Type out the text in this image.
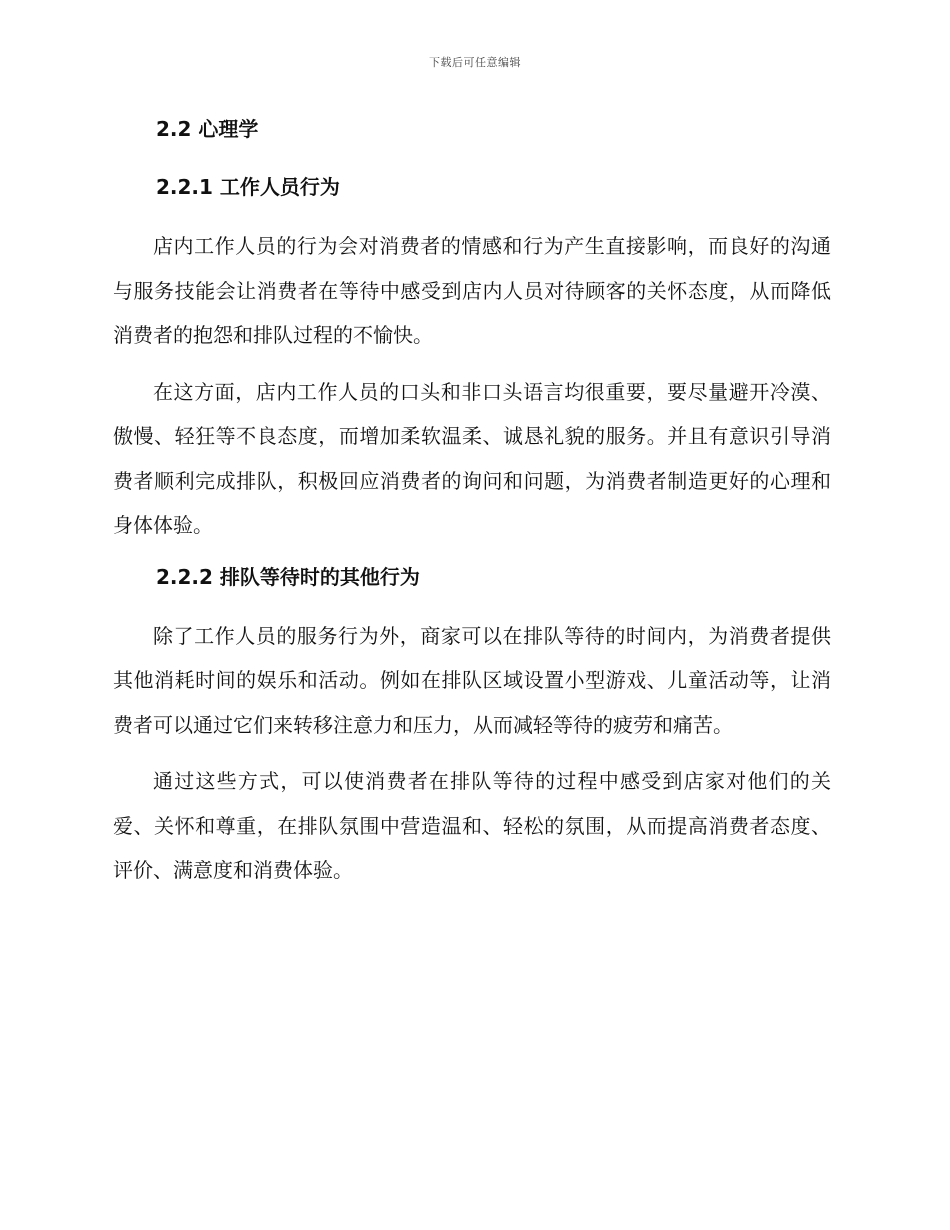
下载后可任意编辑
2.2 心理学
2.2.1 工作人员行为

店内工作人员的行为会对消费者的情感和行为产生直接影响，而良好的沟通与服务技能会让消费者在等待中感受到店内人员对待顾客的关怀态度，从而降低消费者的抱怨和排队过程的不愉快。

在这方面，店内工作人员的口头和非口头语言均很重要，要尽量避开冷漠、傲慢、轻狂等不良态度，而增加柔软温柔、诚恳礼貌的服务。并且有意识引导消费者顺利完成排队，积极回应消费者的询问和问题，为消费者制造更好的心理和身体体验。

2.2.2 排队等待时的其他行为

除了工作人员的服务行为外，商家可以在排队等待的时间内，为消费者提供其他消耗时间的娱乐和活动。例如在排队区域设置小型游戏、儿童活动等，让消费者可以通过它们来转移注意力和压力，从而减轻等待的疲劳和痛苦。

通过这些方式，可以使消费者在排队等待的过程中感受到店家对他们的关爱、关怀和尊重，在排队氛围中营造温和、轻松的氛围，从而提高消费者态度、评价、满意度和消费体验。
